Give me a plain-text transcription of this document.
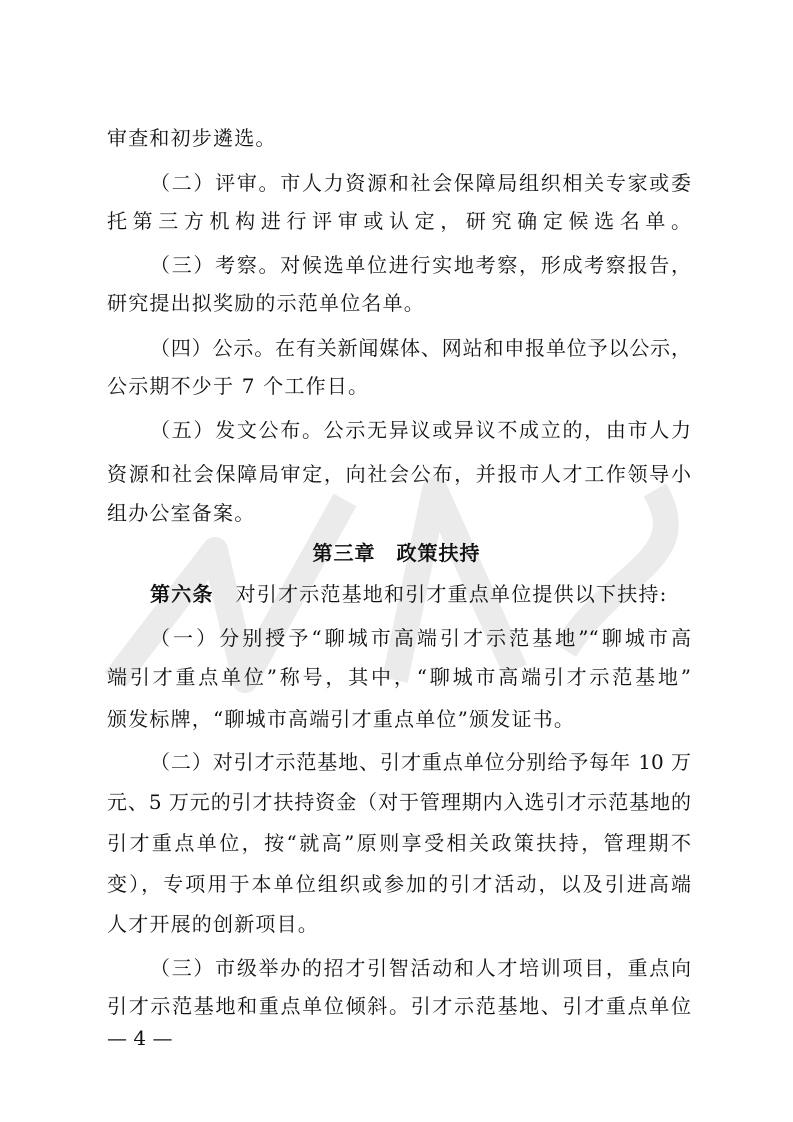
审查和初步遴选。
（二）评审。市人力资源和社会保障局组织相关专家或委
托第三方机构进行评审或认定，研究确定候选名单。
（三）考察。对候选单位进行实地考察，形成考察报告，
研究提出拟奖励的示范单位名单。
（四）公示。在有关新闻媒体、网站和申报单位予以公示，
公示期不少于 7 个工作日。
（五）发文公布。公示无异议或异议不成立的，由市人力
资源和社会保障局审定，向社会公布，并报市人才工作领导小
组办公室备案。
第三章　政策扶持
第六条 对引才示范基地和引才重点单位提供以下扶持:
（一）分别授予“聊城市高端引才示范基地”“聊城市高
端引才重点单位”称号，其中，“聊城市高端引才示范基地”
颁发标牌，“聊城市高端引才重点单位”颁发证书。
（二）对引才示范基地、引才重点单位分别给予每年 10 万
元、5 万元的引才扶持资金（对于管理期内入选引才示范基地的
引才重点单位，按“就高”原则享受相关政策扶持，管理期不
变），专项用于本单位组织或参加的引才活动，以及引进高端
人才开展的创新项目。
（三）市级举办的招才引智活动和人才培训项目，重点向
引才示范基地和重点单位倾斜。引才示范基地、引才重点单位
— 4 —
